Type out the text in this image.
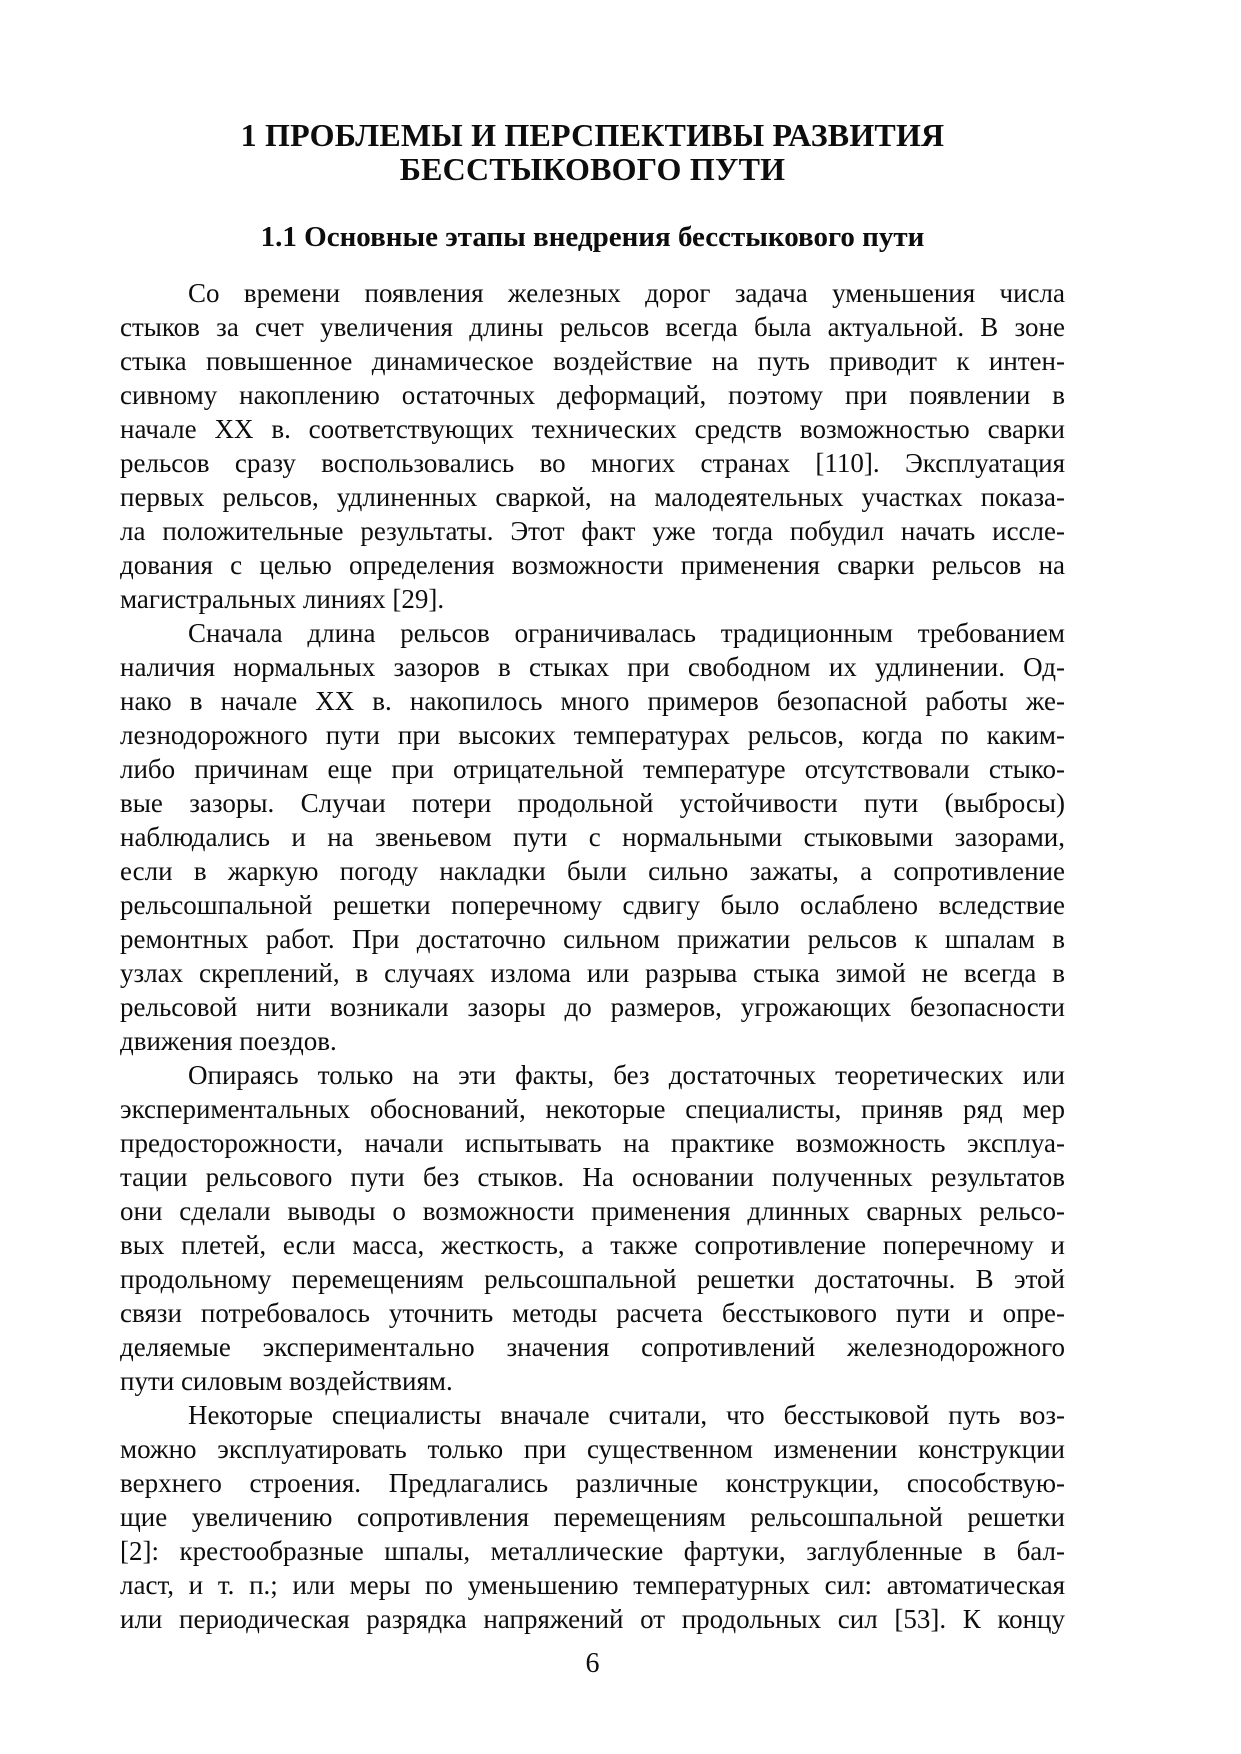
1 ПРОБЛЕМЫ И ПЕРСПЕКТИВЫ РАЗВИТИЯ
БЕССТЫКОВОГО ПУТИ
1.1 Основные этапы внедрения бесстыкового пути
Со времени появления железных дорог задача уменьшения числа
стыков за счет увеличения длины рельсов всегда была актуальной. В зоне
стыка повышенное динамическое воздействие на путь приводит к интен-
сивному накоплению остаточных деформаций, поэтому при появлении в
начале XX в. соответствующих технических средств возможностью сварки
рельсов сразу воспользовались во многих странах [110]. Эксплуатация
первых рельсов, удлиненных сваркой, на малодеятельных участках показа-
ла положительные результаты. Этот факт уже тогда побудил начать иссле-
дования с целью определения возможности применения сварки рельсов на
магистральных линиях [29].
Сначала длина рельсов ограничивалась традиционным требованием
наличия нормальных зазоров в стыках при свободном их удлинении. Од-
нако в начале XX в. накопилось много примеров безопасной работы же-
лезнодорожного пути при высоких температурах рельсов, когда по каким-
либо причинам еще при отрицательной температуре отсутствовали стыко-
вые зазоры. Случаи потери продольной устойчивости пути (выбросы)
наблюдались и на звеньевом пути с нормальными стыковыми зазорами,
если в жаркую погоду накладки были сильно зажаты, а сопротивление
рельсошпальной решетки поперечному сдвигу было ослаблено вследствие
ремонтных работ. При достаточно сильном прижатии рельсов к шпалам в
узлах скреплений, в случаях излома или разрыва стыка зимой не всегда в
рельсовой нити возникали зазоры до размеров, угрожающих безопасности
движения поездов.
Опираясь только на эти факты, без достаточных теоретических или
экспериментальных обоснований, некоторые специалисты, приняв ряд мер
предосторожности, начали испытывать на практике возможность эксплуа-
тации рельсового пути без стыков. На основании полученных результатов
они сделали выводы о возможности применения длинных сварных рельсо-
вых плетей, если масса, жесткость, а также сопротивление поперечному и
продольному перемещениям рельсошпальной решетки достаточны. В этой
связи потребовалось уточнить методы расчета бесстыкового пути и опре-
деляемые экспериментально значения сопротивлений железнодорожного
пути силовым воздействиям.
Некоторые специалисты вначале считали, что бесстыковой путь воз-
можно эксплуатировать только при существенном изменении конструкции
верхнего строения. Предлагались различные конструкции, способствую-
щие увеличению сопротивления перемещениям рельсошпальной решетки
[2]: крестообразные шпалы, металлические фартуки, заглубленные в бал-
ласт, и т. п.; или меры по уменьшению температурных сил: автоматическая
или периодическая разрядка напряжений от продольных сил [53]. К концу
6
